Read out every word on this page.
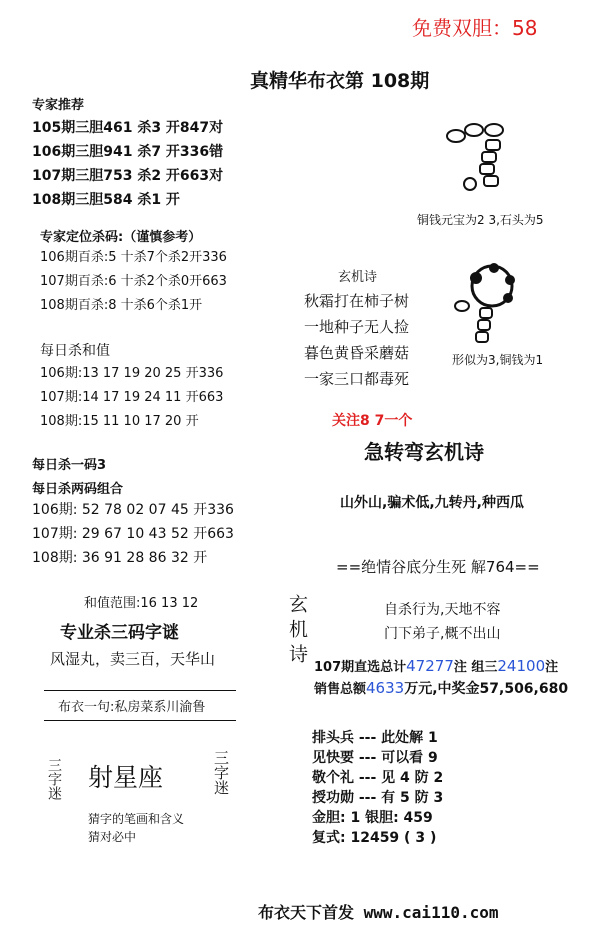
免费双胆：58
真精华布衣第 108期
专家推荐
105期三胆461 杀3 开847对
106期三胆941 杀7 开336错
107期三胆753 杀2 开663对
108期三胆584 杀1 开
专家定位杀码:（谨慎参考）
106期百杀:5 十杀7个杀2开336
107期百杀:6 十杀2个杀0开663
108期百杀:8 十杀6个杀1开
每日杀和值
106期:13 17 19 20 25 开336
107期:14 17 19 24 11 开663
108期:15 11 10 17 20 开
每日杀一码3
每日杀两码组合
106期: 52 78 02 07 45 开336
107期: 29 67 10 43 52 开663
108期: 36 91 28 86 32 开
和值范围:16 13 12
专业杀三码字谜
风湿丸，卖三百，天华山
布衣一句:私房菜系川渝鲁
三字迷 射星座	三字迷
猜字的笔画和含义
猜对必中
铜钱元宝为2 3,石头为5
形似为3,铜钱为1
玄机诗
秋霜打在柿子树
一地种子无人捡
暮色黄昏采蘑菇
一家三口都毒死
关注8 7一个
急转弯玄机诗
山外山,骗术低,九转丹,种西瓜
==绝情谷底分生死 解764==
玄机诗	自杀行为,天地不容
门下弟子,概不出山
107期直选总计47277注 组三24100注
销售总额4633万元,中奖金57,506,680
排头兵 --- 此处解 1
见快要 --- 可以看 9
敬个礼 --- 见 4 防 2
授功勋 --- 有 5 防 3
金胆: 1 银胆: 459
复式: 12459 ( 3 )
布衣天下首发 www.cai110.com
